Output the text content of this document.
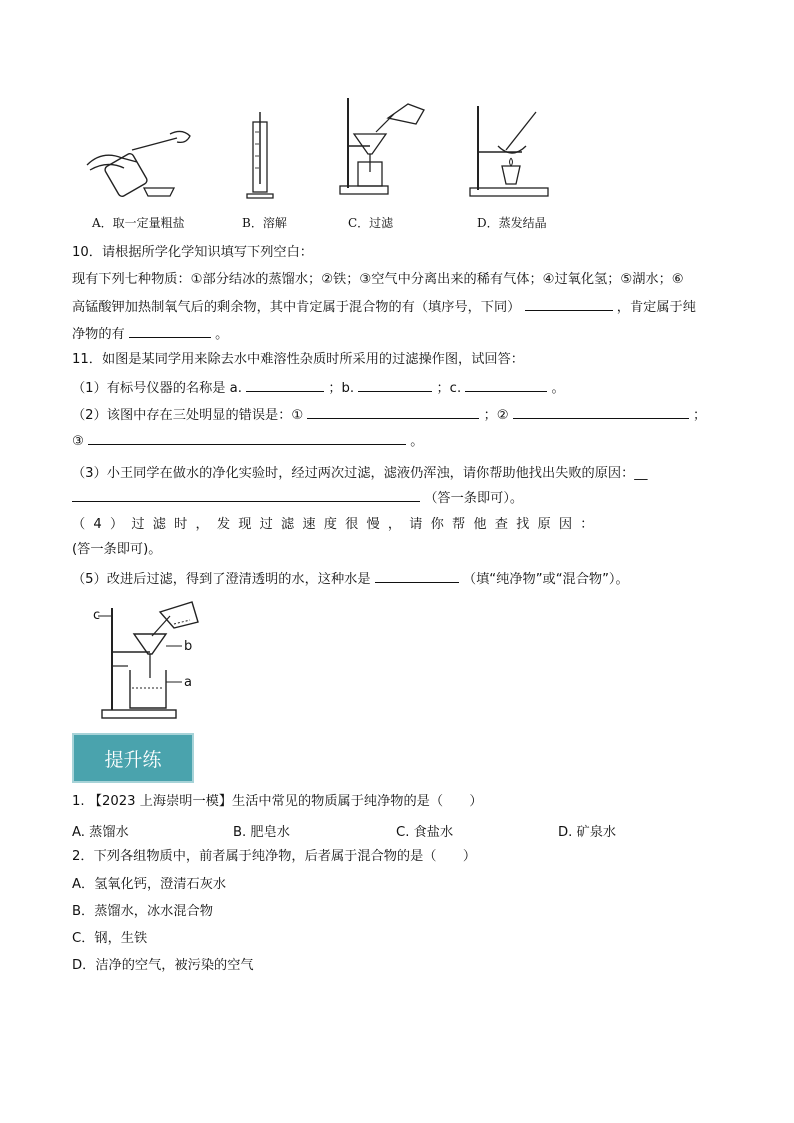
A．取一定量粗盐	B．溶解	C．过滤	D．蒸发结晶
10．请根据所学化学知识填写下列空白：
现有下列七种物质：①部分结冰的蒸馏水；②铁；③空气中分离出来的稀有气体；④过氧化氢；⑤湖水；⑥
高锰酸钾加热制氧气后的剩余物，其中肯定属于混合物的有（填序号，下同）	，肯定属于纯
净物的有	。
11．如图是某同学用来除去水中难溶性杂质时所采用的过滤操作图，试回答：
（1）有标号仪器的名称是 a.	；b.	；c.	。
（2）该图中存在三处明显的错误是：①	；②	；
③	。
（3）小王同学在做水的净化实验时，经过两次过滤，滤液仍浑浊，请你帮助他找出失败的原因：__
（答一条即可）。
（ 4 ） 过 滤 时 ， 发 现 过 滤 速 度 很 慢 ， 请 你 帮 他 查 找 原 因 ：
(答一条即可)。
（5）改进后过滤，得到了澄清透明的水，这种水是	（填“纯净物”或“混合物”）。
c
b
a
提升练
1. 【2023 上海崇明一模】生活中常见的物质属于纯净物的是（　　）
A. 蒸馏水	B. 肥皂水	C. 食盐水	D. 矿泉水
2．下列各组物质中，前者属于纯净物，后者属于混合物的是（　　）
A．氢氧化钙，澄清石灰水
B．蒸馏水，冰水混合物
C．钢，生铁
D．洁净的空气，被污染的空气
